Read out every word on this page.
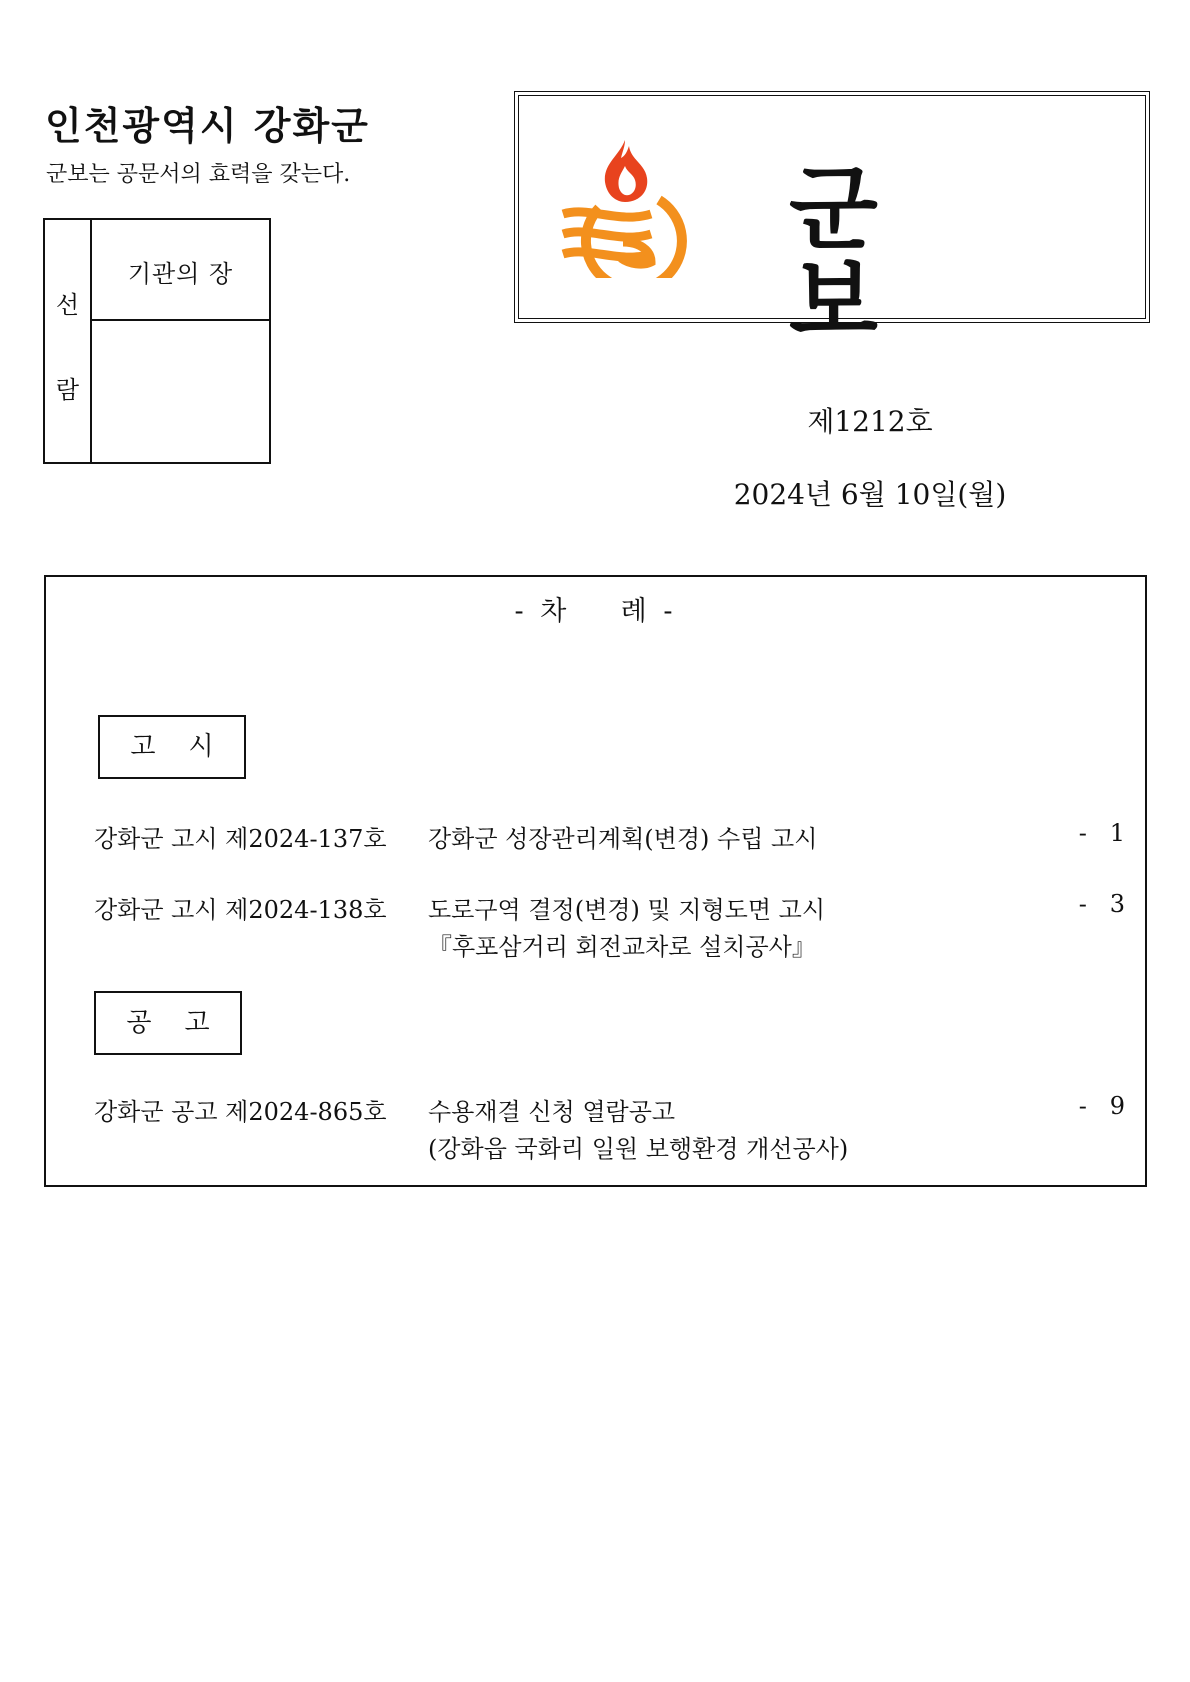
인천광역시 강화군
군보는 공문서의 효력을 갖는다.
선
람
기관의 장
군보
제1212호
2024년 6월 10일(월)
- 차    례 -
고    시
강화군 고시 제2024-137호 강화군 성장관리계획(변경) 수립 고시	-   1
강화군 고시 제2024-138호 도로구역 결정(변경) 및 지형도면 고시
『후포삼거리 회전교차로 설치공사』
-   3
공    고
강화군 공고 제2024-865호 수용재결 신청 열람공고
(강화읍 국화리 일원 보행환경 개선공사)
-   9
